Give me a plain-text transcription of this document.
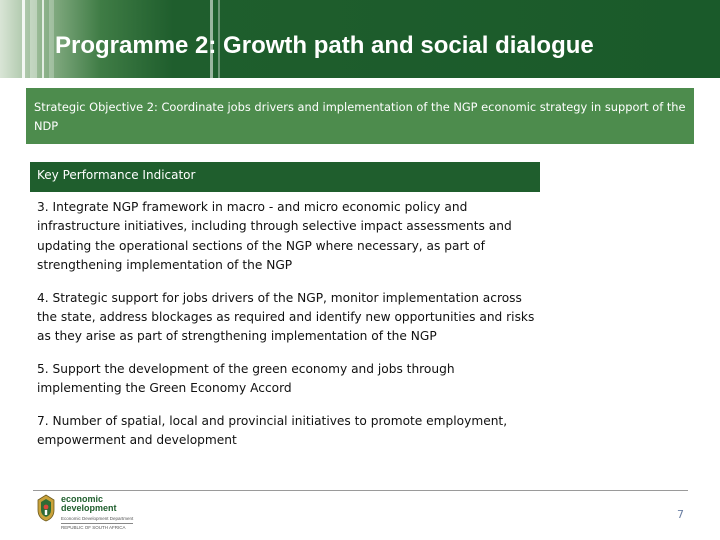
Programme 2: Growth path and social dialogue

Strategic Objective 2: Coordinate jobs drivers and implementation of the NGP economic strategy in support of the NDP

Key Performance Indicator
3. Integrate NGP framework in macro - and micro economic policy and infrastructure initiatives, including through selective impact assessments and updating the operational sections of the NGP where necessary, as part of strengthening implementation of the NGP
4. Strategic support for jobs drivers of the NGP, monitor implementation across the state, address blockages as required and identify new opportunities and risks as they arise as part of strengthening implementation of the NGP
5. Support the development of the green economy and jobs through implementing the Green Economy Accord
7. Number of spatial, local and provincial initiatives to promote employment, empowerment and development
economic development
Economic Development Department
REPUBLIC OF SOUTH AFRICA
7
